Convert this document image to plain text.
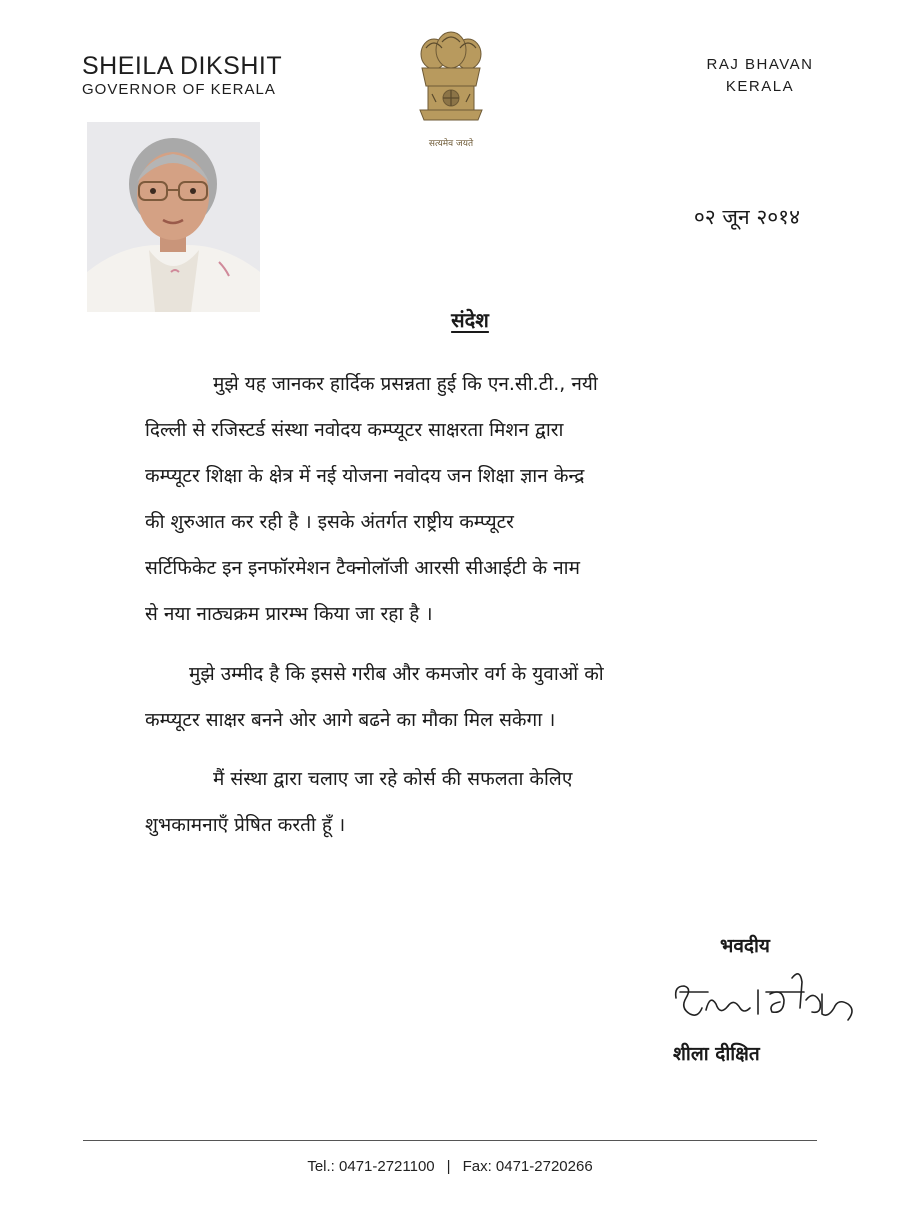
SHEILA DIKSHIT
GOVERNOR OF KERALA
सत्यमेव जयते
RAJ BHAVAN
KERALA
०२ जून २०१४
संदेश
मुझे यह जानकर हार्दिक प्रसन्नता हुई कि एन.सी.टी., नयी
दिल्ली से रजिस्टर्ड संस्था नवोदय कम्प्यूटर साक्षरता मिशन द्वारा
कम्प्यूटर शिक्षा के क्षेत्र में नई योजना नवोदय जन शिक्षा ज्ञान केन्द्र
की शुरुआत कर रही है । इसके अंतर्गत राष्ट्रीय कम्प्यूटर
सर्टिफिकेट इन इनफॉरमेशन टैक्नोलॉजी आरसी सीआईटी के नाम
से नया नाठ्यक्रम प्रारम्भ किया जा रहा है ।
मुझे उम्मीद है कि इससे गरीब और कमजोर वर्ग के युवाओं को
कम्प्यूटर साक्षर बनने ओर आगे बढने का मौका मिल सकेगा ।
मैं संस्था द्वारा चलाए जा रहे कोर्स की सफलता केलिए
शुभकामनाएँ प्रेषित करती हूँ ।
भवदीय
शीला दीक्षित
Tel.: 0471-2721100 | Fax: 0471-2720266
